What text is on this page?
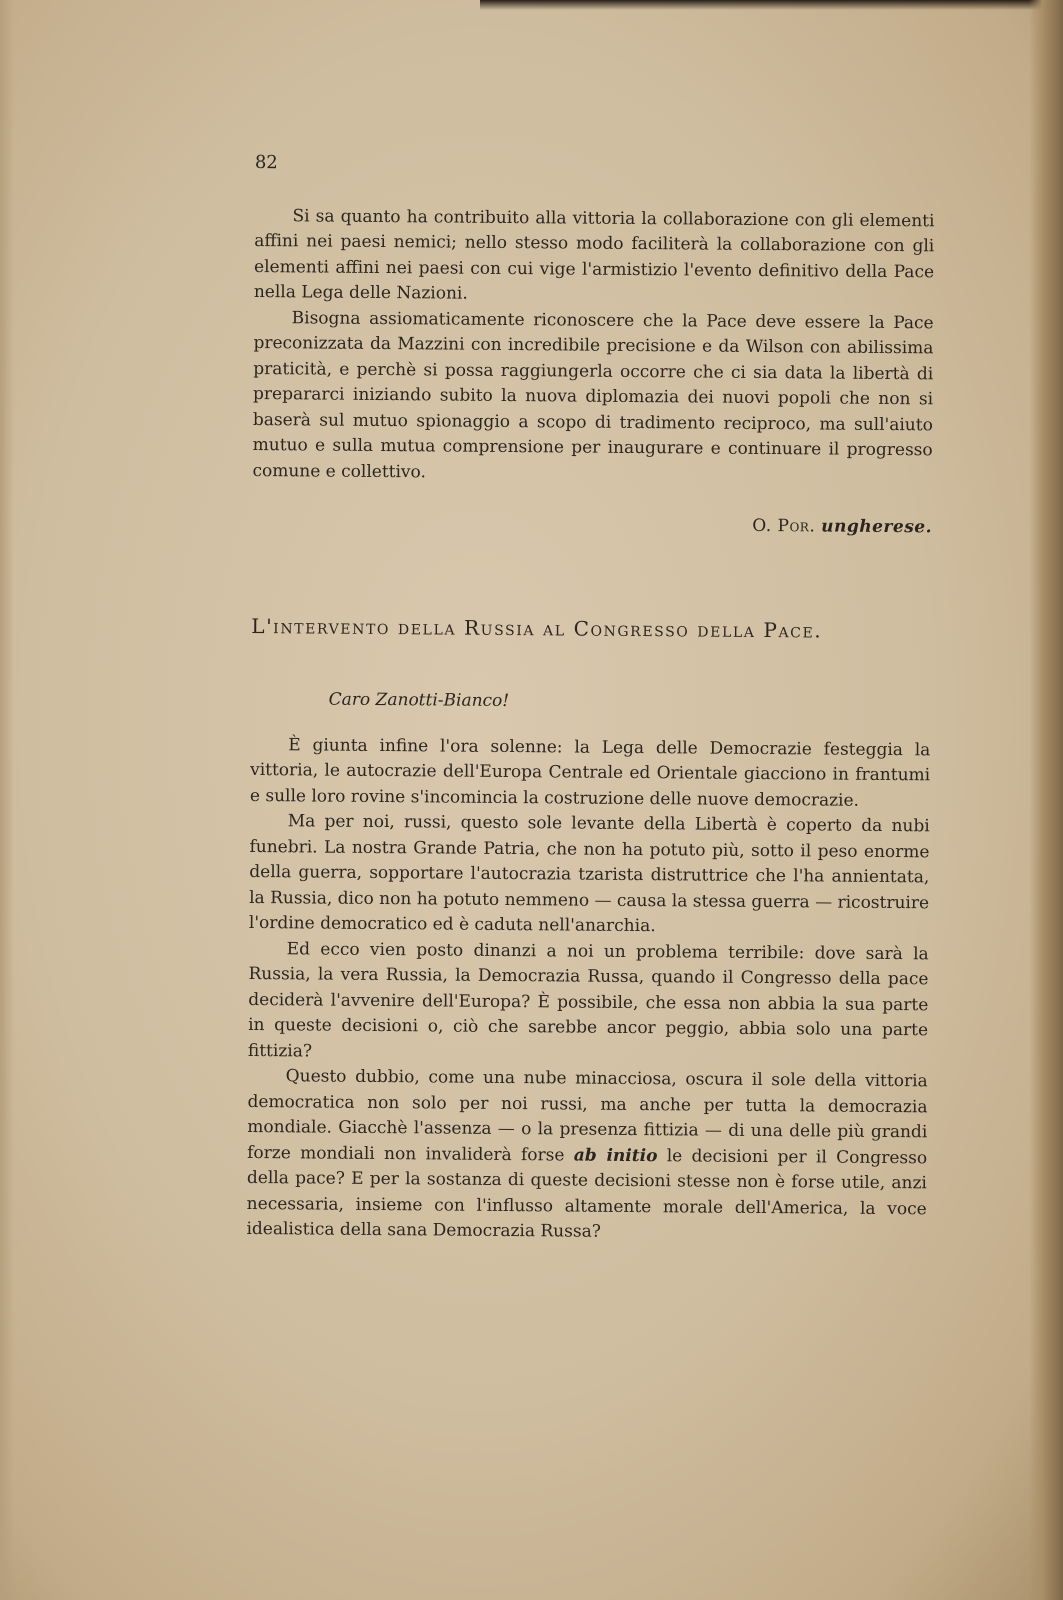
82

Si sa quanto ha contribuito alla vittoria la collaborazione con gli elementi affini nei paesi nemici; nello stesso modo faciliterà la collaborazione con gli elementi affini nei paesi con cui vige l'armistizio l'evento definitivo della Pace nella Lega delle Nazioni.

Bisogna assiomaticamente riconoscere che la Pace deve essere la Pace preconizzata da Mazzini con incredibile precisione e da Wilson con abilissima praticità, e perchè si possa raggiungerla occorre che ci sia data la libertà di prepararci iniziando subito la nuova diplomazia dei nuovi popoli che non si baserà sul mutuo spionaggio a scopo di tradimento reciproco, ma sull'aiuto mutuo e sulla mutua comprensione per inaugurare e continuare il progresso comune e collettivo.

O. Por. ungherese.
L'intervento della Russia al Congresso della Pace.
Caro Zanotti-Bianco!

È giunta infine l'ora solenne: la Lega delle Democrazie festeggia la vittoria, le autocrazie dell'Europa Centrale ed Orientale giacciono in frantumi e sulle loro rovine s'incomincia la costruzione delle nuove democrazie.

Ma per noi, russi, questo sole levante della Libertà è coperto da nubi funebri. La nostra Grande Patria, che non ha potuto più, sotto il peso enorme della guerra, sopportare l'autocrazia tzarista distruttrice che l'ha annientata, la Russia, dico non ha potuto nemmeno — causa la stessa guerra — ricostruire l'ordine democratico ed è caduta nell'anarchia.

Ed ecco vien posto dinanzi a noi un problema terribile: dove sarà la Russia, la vera Russia, la Democrazia Russa, quando il Congresso della pace deciderà l'avvenire dell'Europa? È possibile, che essa non abbia la sua parte in queste decisioni o, ciò che sarebbe ancor peggio, abbia solo una parte fittizia?

Questo dubbio, come una nube minacciosa, oscura il sole della vittoria democratica non solo per noi russi, ma anche per tutta la democrazia mondiale. Giacchè l'assenza — o la presenza fittizia — di una delle più grandi forze mondiali non invaliderà forse ab initio le decisioni per il Congresso della pace? E per la sostanza di queste decisioni stesse non è forse utile, anzi necessaria, insieme con l'influsso altamente morale dell'America, la voce idealistica della sana Democrazia Russa?
